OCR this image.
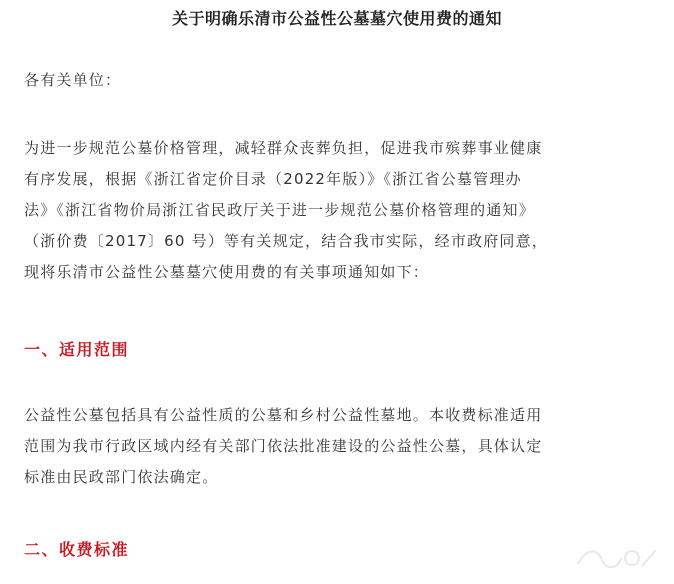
关于明确乐清市公益性公墓墓穴使用费的通知
各有关单位：
为进一步规范公墓价格管理，减轻群众丧葬负担，促进我市殡葬事业健康
有序发展，根据《浙江省定价目录（2022年版）》《浙江省公墓管理办
法》《浙江省物价局浙江省民政厅关于进一步规范公墓价格管理的通知》
（浙价费〔2017〕60 号）等有关规定，结合我市实际，经市政府同意，
现将乐清市公益性公墓墓穴使用费的有关事项通知如下：
一、适用范围
公益性公墓包括具有公益性质的公墓和乡村公益性墓地。本收费标准适用
范围为我市行政区域内经有关部门依法批准建设的公益性公墓，具体认定
标准由民政部门依法确定。
二、收费标准
